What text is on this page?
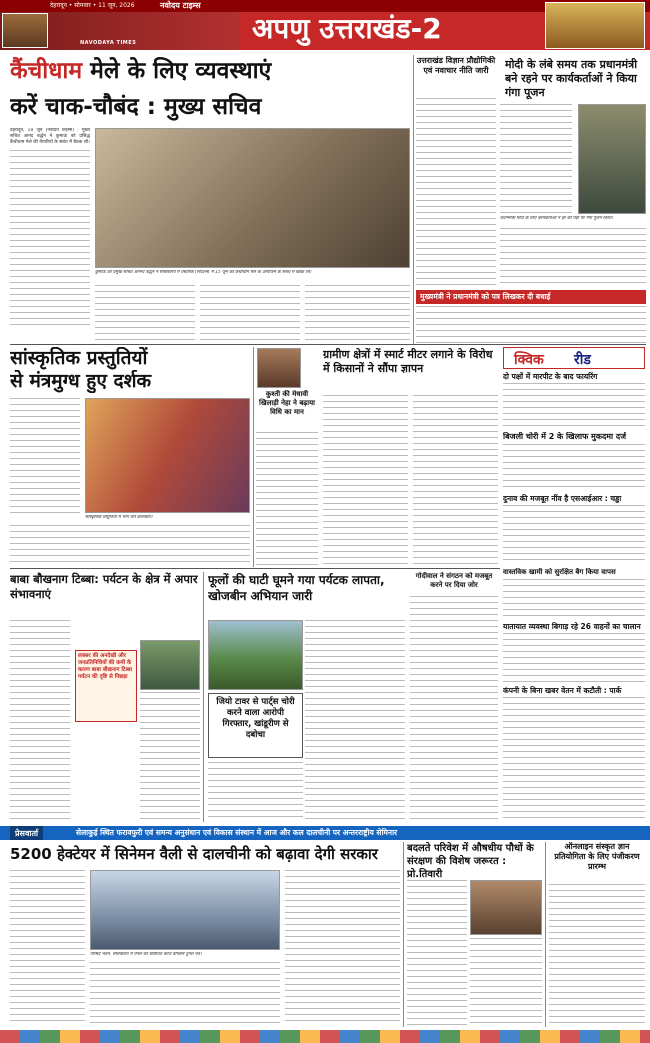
देहरादून • सोमवार • 11 जून, 2026	नवोदय टाइम्स
NAVODAYA TIMES	अपणु उत्तराखंड-2
कैंचीधाम मेले के लिए व्यवस्थाएं
करें चाक-चौबंद : मुख्य सचिव
देहरादून, 10 जून (नवोदय टाइम्स) : मुख्य सचिव आनंद बर्द्धन ने कुमाऊं को प्रसिद्ध कैंचीधाम मेले की तैयारियों के संबंध में बैठक ली।
कुमाऊं को प्रमुख सचिव आनन्द बर्द्धन ने सचिवालय में वैचारिक (निर्देशन) में 15 जून को कैंचीधाम मेले के आयोजन के संबंध में बैठक ली।
उत्तराखंड विज्ञान प्रौद्योगिकी एवं नवाचार नीति जारी	मोदी के लंबे समय तक प्रधानमंत्री बने रहने पर कार्यकर्ताओं ने किया गंगा पूजन
प्रधानमंत्री मोदी के लिए कार्यकर्ताओं ने हर की पैड़ी पर गंगा पूजन किया।
मुख्यमंत्री ने प्रधानमंत्री को पत्र लिखकर दी बधाई
सांस्कृतिक प्रस्तुतियों
से मंत्रमुग्ध हुए दर्शक
सांस्कृतिक प्रस्तुतियों में भाग लेते कलाकार।
कुश्ती की मेधावी खिलाड़ी नेहा ने बढ़ाया विधि का मान
ग्रामीण क्षेत्रों में स्मार्ट मीटर लगाने के विरोध में किसानों ने सौंपा ज्ञापन
क्विक रीड
दो पक्षों में मारपीट के बाद फायरिंग
बिजली चोरी में 2 के खिलाफ मुकदमा दर्ज
दुनाव की मजबूत नींव है एसआईआर : चड्ढा
बाबा बौखनाग टिब्बा: पर्यटन के क्षेत्र में अपार संभावनाएं
लक्सर की अनदेखी और जनप्रतिनिधियों की कमी के कारण बाबा बौखनाग टिब्बा पर्यटन की दृष्टि से पिछड़ा
फूलों की घाटी घूमने गया पर्यटक लापता, खोजबीन अभियान जारी
जियो टावर से पार्ट्स चोरी करने वाला आरोपी गिरफ्तार, खांडूरीण से दबोचा
गोदीवाल ने संगठन को मजबूत करने पर दिया जोर
वास्तविक खामी को सुरक्षित बैग किया वापस
यातायात व्यवस्था बिगाड़ रहे 26 वाहनों का चालान
कंपनी के बिना खबर वेतन में कटौती : पार्क
प्रेसवार्ता	सेलाकुई स्थित फरावफुरी एवं समन्य अनुसंधान एवं विकास संस्थान में आज और कल दालचीनी पर अन्तरराष्ट्रीय सेमिनार
5200 हेक्टेयर में सिनेमन वैली से दालचीनी को बढ़ावा देगी सरकार
परिषद भवन, सचिवालय में पैनल को संबोधित करते प्रोफेसर दुर्गेश पंत।
बदलते परिवेश में औषधीय पौधों के संरक्षण की विशेष जरूरत : प्रो.तिवारी
ऑनलाइन संस्कृत ज्ञान प्रतियोगिता के लिए पंजीकरण प्रारम्भ
